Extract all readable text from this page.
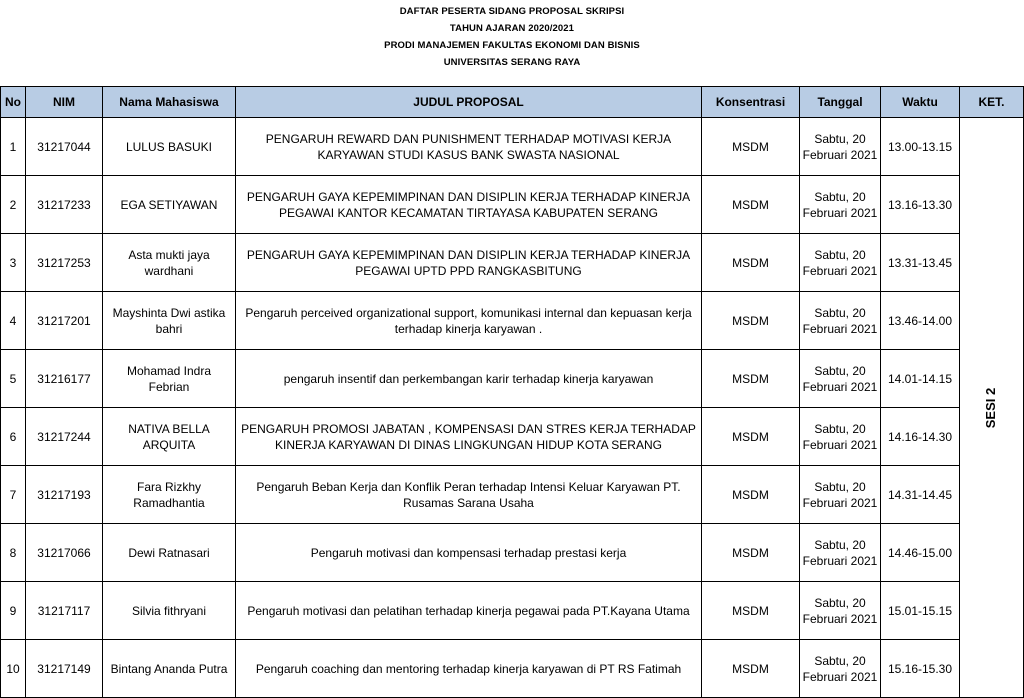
DAFTAR PESERTA SIDANG PROPOSAL SKRIPSI
TAHUN AJARAN 2020/2021
PRODI MANAJEMEN FAKULTAS EKONOMI DAN BISNIS
UNIVERSITAS SERANG RAYA
No	NIM	Nama Mahasiswa	JUDUL PROPOSAL	Konsentrasi	Tanggal	Waktu	KET.
1	31217044	LULUS BASUKI	PENGARUH REWARD DAN PUNISHMENT TERHADAP MOTIVASI KERJA KARYAWAN STUDI KASUS BANK SWASTA NASIONAL	MSDM	Sabtu, 20 Februari 2021	13.00-13.15	SESI 2
2	31217233	EGA SETIYAWAN	PENGARUH GAYA KEPEMIMPINAN DAN DISIPLIN KERJA TERHADAP KINERJA PEGAWAI KANTOR KECAMATAN TIRTAYASA KABUPATEN SERANG	MSDM	Sabtu, 20 Februari 2021	13.16-13.30	
3	31217253	Asta mukti jaya wardhani	PENGARUH GAYA KEPEMIMPINAN DAN DISIPLIN KERJA TERHADAP KINERJA PEGAWAI UPTD PPD RANGKASBITUNG	MSDM	Sabtu, 20 Februari 2021	13.31-13.45	
4	31217201	Mayshinta Dwi astika bahri	Pengaruh perceived organizational support, komunikasi internal dan kepuasan kerja terhadap kinerja karyawan .	MSDM	Sabtu, 20 Februari 2021	13.46-14.00	
5	31216177	Mohamad Indra Febrian	pengaruh insentif dan perkembangan karir terhadap kinerja karyawan	MSDM	Sabtu, 20 Februari 2021	14.01-14.15	
6	31217244	NATIVA BELLA ARQUITA	PENGARUH PROMOSI JABATAN , KOMPENSASI DAN STRES KERJA TERHADAP KINERJA KARYAWAN DI DINAS LINGKUNGAN HIDUP KOTA SERANG	MSDM	Sabtu, 20 Februari 2021	14.16-14.30	
7	31217193	Fara Rizkhy Ramadhantia	Pengaruh Beban Kerja dan Konflik Peran terhadap Intensi Keluar Karyawan PT. Rusamas Sarana Usaha	MSDM	Sabtu, 20 Februari 2021	14.31-14.45	
8	31217066	Dewi Ratnasari	Pengaruh motivasi dan kompensasi terhadap prestasi kerja	MSDM	Sabtu, 20 Februari 2021	14.46-15.00	
9	31217117	Silvia fithryani	Pengaruh motivasi dan pelatihan terhadap kinerja pegawai pada PT.Kayana Utama	MSDM	Sabtu, 20 Februari 2021	15.01-15.15	
10	31217149	Bintang Ananda Putra	Pengaruh coaching dan mentoring terhadap kinerja karyawan di PT RS Fatimah	MSDM	Sabtu, 20 Februari 2021	15.16-15.30	
